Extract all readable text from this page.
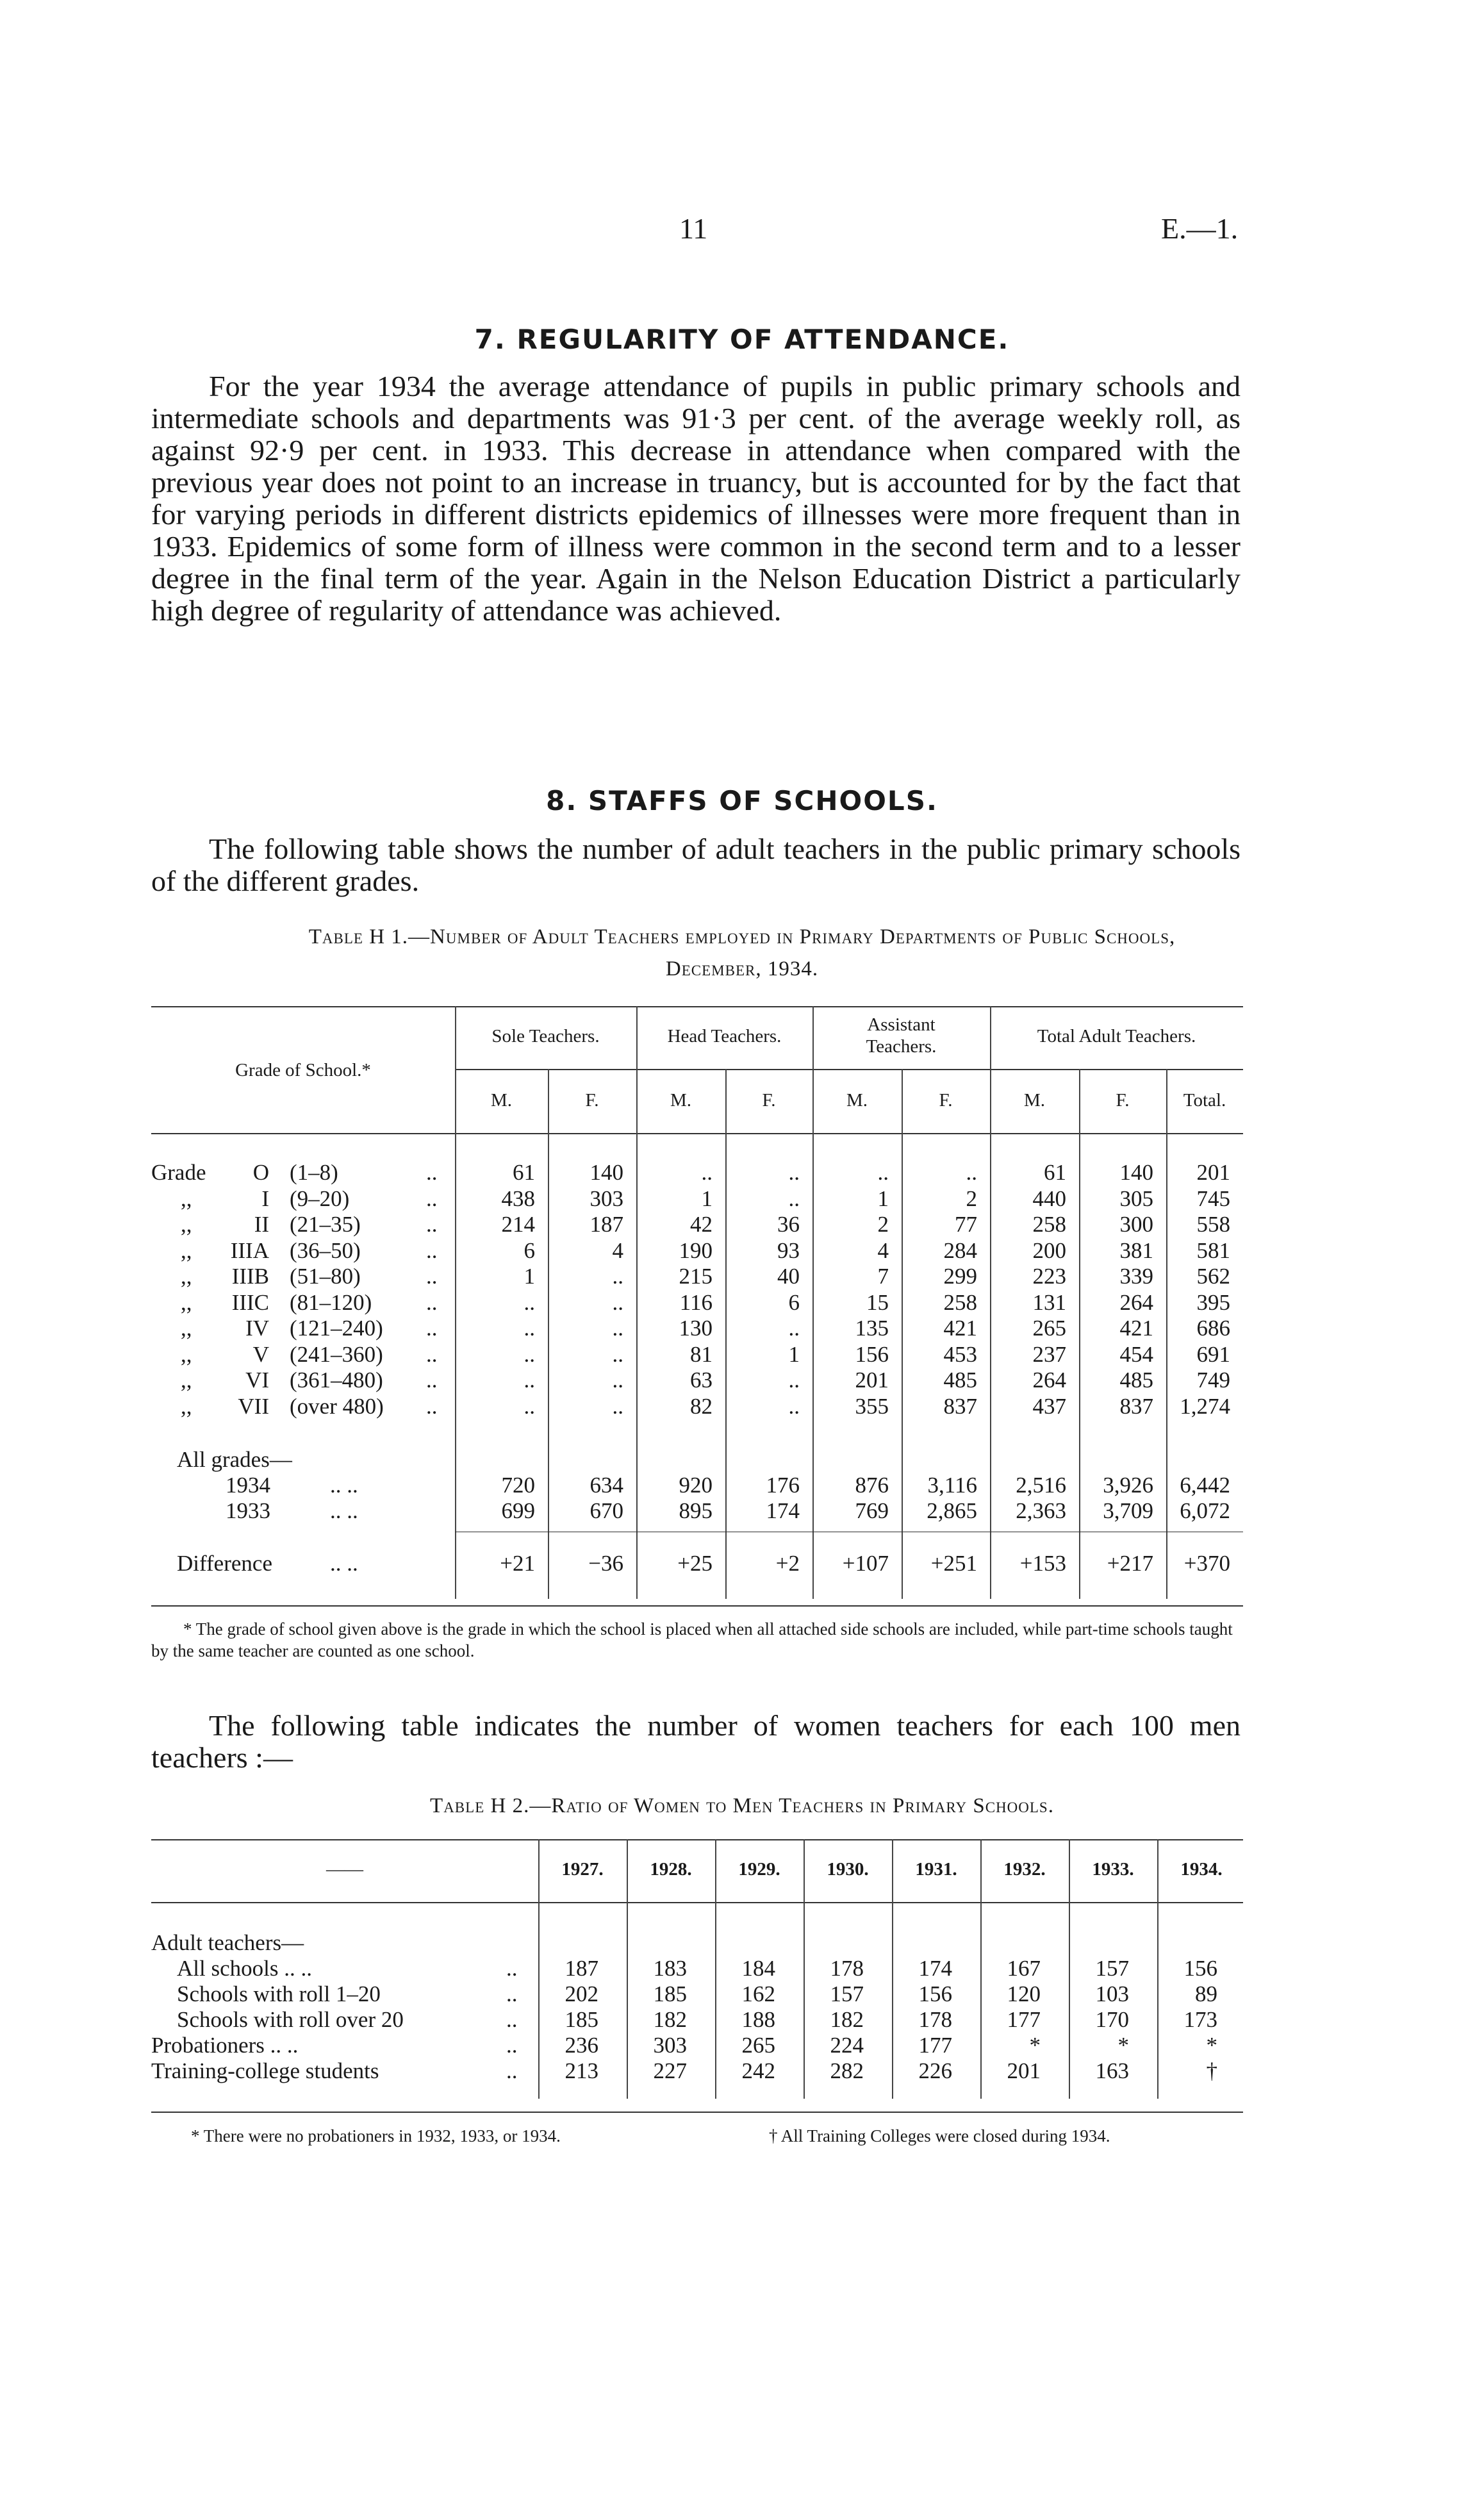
11	E.—1.
7. REGULARITY OF ATTENDANCE.
For the year 1934 the average attendance of pupils in public primary schools and intermediate schools and departments was 91·3 per cent. of the average weekly roll, as against 92·9 per cent. in 1933. This decrease in attendance when compared with the previous year does not point to an increase in truancy, but is accounted for by the fact that for varying periods in different districts epidemics of illnesses were more frequent than in 1933. Epidemics of some form of illness were common in the second term and to a lesser degree in the final term of the year. Again in the Nelson Education District a particularly high degree of regularity of attendance was achieved.
8. STAFFS OF SCHOOLS.
The following table shows the number of adult teachers in the public primary schools of the different grades.
Table H 1.—Number of Adult Teachers employed in Primary Departments of Public Schools,
December, 1934.
Grade of School.*
Sole Teachers.	Head Teachers.
Assistant Teachers.	Total Adult Teachers.
M.	F.	M.	F.	M.	F.	M.	F.	Total.
Grade	O (1–8)	..	61	140	..	..	..	..	61	140	201
,,	I (9–20)	..	438	303	1	..	1	2	440	305	745
,,	II (21–35)	..	214	187	42	36	2	77	258	300	558
,,	IIIA (36–50)	..	6	4	190	93	4	284	200	381	581
,,	IIIB (51–80)	..	1	..	215	40	7	299	223	339	562
,,	IIIC (81–120) ..	..	..	116	6	15	258	131	264	395
,,	IV (121–240) ..	..	..	130	..	135	421	265	421	686
,,	V (241–360) ..	..	..	81	1	156	453	237	454	691
,,	VI (361–480) ..	..	..	63	..	201	485	264	485	749
,,	VII (over 480) ..	..	..	82	..	355	837	437	837	1,274
All grades—
1934	.. ..	720	634	920	176	876	3,116	2,516	3,926	6,442
1933	.. ..	699	670	895	174	769	2,865	2,363	3,709	6,072
Difference	.. ..	+21	−36	+25	+2	+107	+251	+153	+217	+370
* The grade of school given above is the grade in which the school is placed when all attached side schools are included, while part-time schools taught by the same teacher are counted as one school.
The following table indicates the number of women teachers for each 100 men teachers :—
Table H 2.—Ratio of Women to Men Teachers in Primary Schools.
——	1927.	1928.	1929.	1930.	1931.	1932.	1933.	1934.
Adult teachers—
All schools .. ..	..	187	183	184	178	174	167	157	156
Schools with roll 1–20	..	202	185	162	157	156	120	103	89
Schools with roll over 20	..	185	182	188	182	178	177	170	173
Probationers .. ..	..	236	303	265	224	177	*	*	*
Training-college students	..	213	227	242	282	226	201	163	†
* There were no probationers in 1932, 1933, or 1934.	† All Training Colleges were closed during 1934.
